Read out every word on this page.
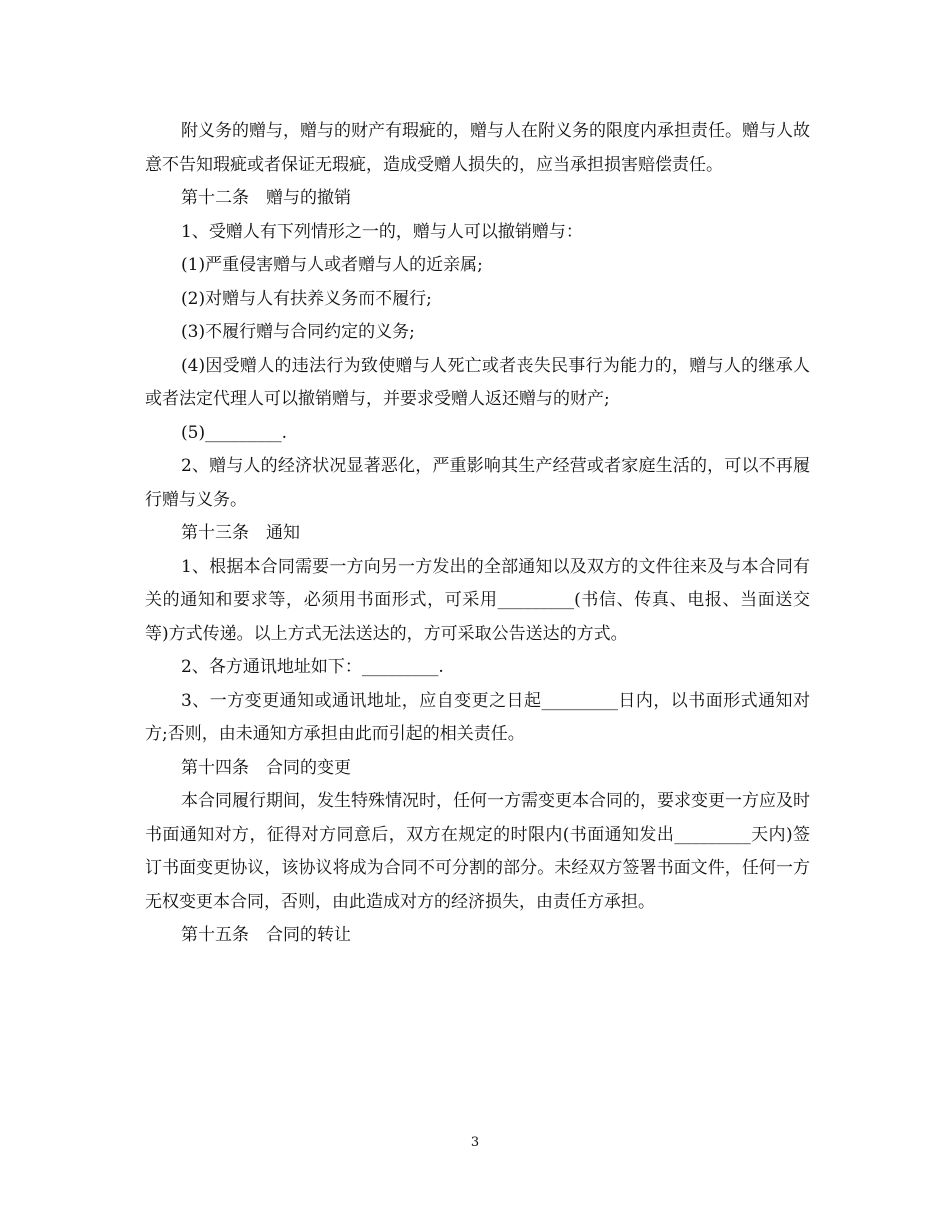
附义务的赠与，赠与的财产有瑕疵的，赠与人在附义务的限度内承担责任。赠与人故意不告知瑕疵或者保证无瑕疵，造成受赠人损失的，应当承担损害赔偿责任。

第十二条　赠与的撤销

1、受赠人有下列情形之一的，赠与人可以撤销赠与：

(1)严重侵害赠与人或者赠与人的近亲属;

(2)对赠与人有扶养义务而不履行;

(3)不履行赠与合同约定的义务;

(4)因受赠人的违法行为致使赠与人死亡或者丧失民事行为能力的，赠与人的继承人或者法定代理人可以撤销赠与，并要求受赠人返还赠与的财产;

(5)_________.

2、赠与人的经济状况显著恶化，严重影响其生产经营或者家庭生活的，可以不再履行赠与义务。

第十三条　通知

1、根据本合同需要一方向另一方发出的全部通知以及双方的文件往来及与本合同有关的通知和要求等，必须用书面形式，可采用_________(书信、传真、电报、当面送交等)方式传递。以上方式无法送达的，方可采取公告送达的方式。

2、各方通讯地址如下：_________.

3、一方变更通知或通讯地址，应自变更之日起_________日内，以书面形式通知对方;否则，由未通知方承担由此而引起的相关责任。

第十四条　合同的变更

本合同履行期间，发生特殊情况时，任何一方需变更本合同的，要求变更一方应及时书面通知对方，征得对方同意后，双方在规定的时限内(书面通知发出_________天内)签订书面变更协议，该协议将成为合同不可分割的部分。未经双方签署书面文件，任何一方无权变更本合同，否则，由此造成对方的经济损失，由责任方承担。

第十五条　合同的转让

3
